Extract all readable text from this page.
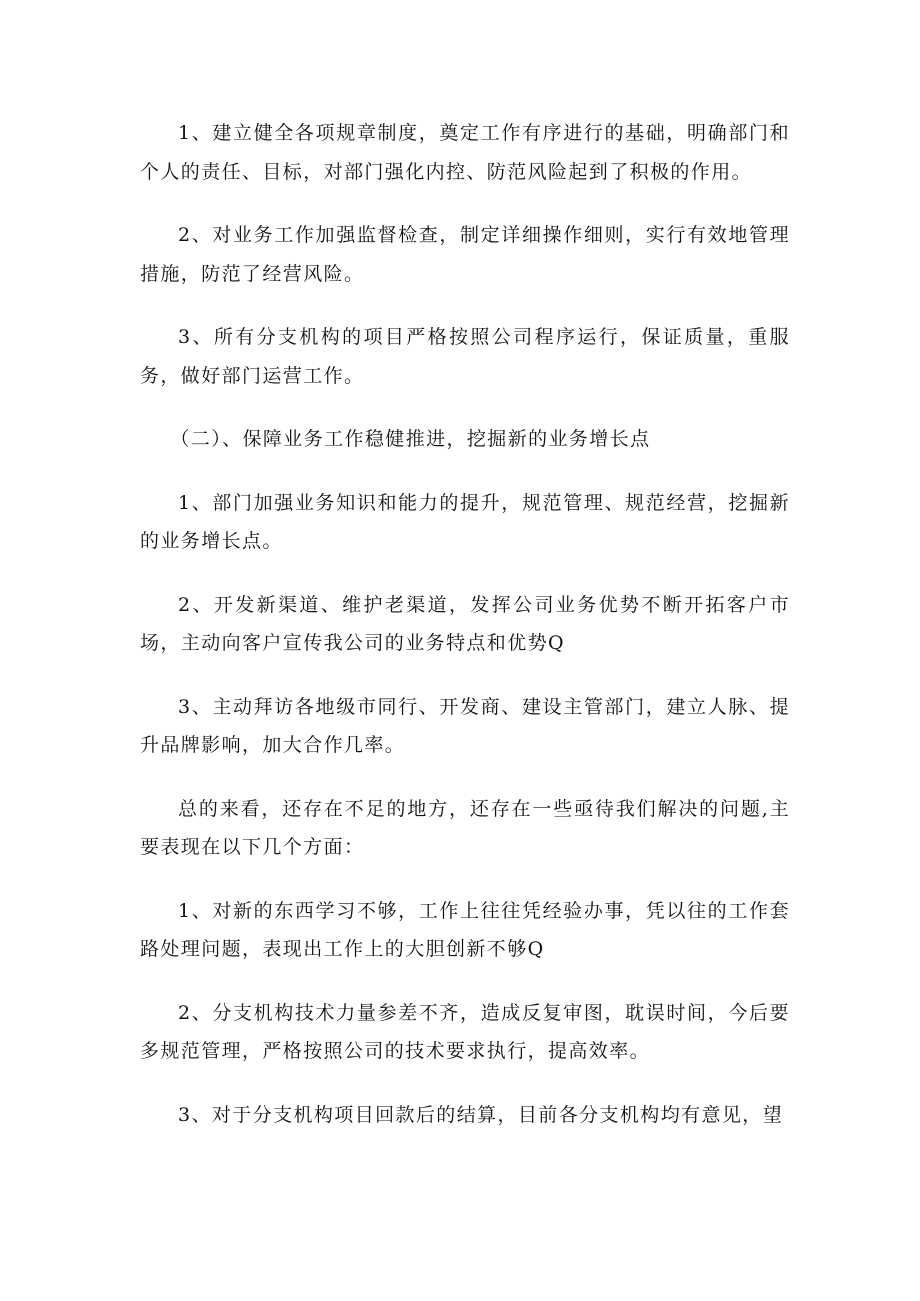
1、建立健全各项规章制度，奠定工作有序进行的基础，明确部门和个人的责任、目标，对部门强化内控、防范风险起到了积极的作用。

2、对业务工作加强监督检查，制定详细操作细则，实行有效地管理措施，防范了经营风险。

3、所有分支机构的项目严格按照公司程序运行，保证质量，重服务，做好部门运营工作。

（二）、保障业务工作稳健推进，挖掘新的业务增长点

1、部门加强业务知识和能力的提升，规范管理、规范经营，挖掘新的业务增长点。

2、开发新渠道、维护老渠道，发挥公司业务优势不断开拓客户市场，主动向客户宣传我公司的业务特点和优势Q

3、主动拜访各地级市同行、开发商、建设主管部门，建立人脉、提升品牌影响，加大合作几率。

总的来看，还存在不足的地方，还存在一些亟待我们解决的问题,主要表现在以下几个方面：

1、对新的东西学习不够，工作上往往凭经验办事，凭以往的工作套路处理问题，表现出工作上的大胆创新不够Q

2、分支机构技术力量参差不齐，造成反复审图，耽误时间，今后要多规范管理，严格按照公司的技术要求执行，提高效率。

3、对于分支机构项目回款后的结算，目前各分支机构均有意见，望
